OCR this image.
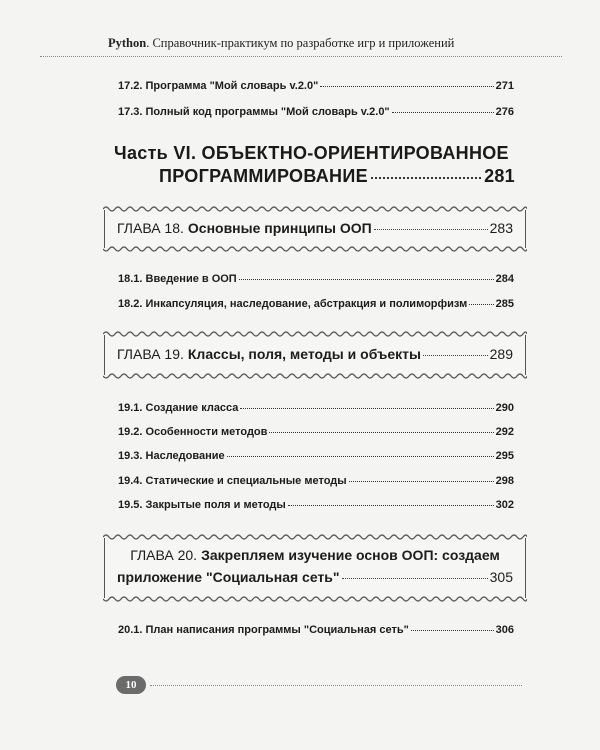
Python. Справочник-практикум по разработке игр и приложений
17.2. Программа "Мой словарь v.2.0"	271
17.3. Полный код программы "Мой словарь v.2.0"	276
Часть VI. ОБЪЕКТНО-ОРИЕНТИРОВАННОЕ
ПРОГРАММИРОВАНИЕ	281
ГЛАВА 18. Основные принципы ООП	283
18.1. Введение в ООП	284
18.2. Инкапсуляция, наследование, абстракция и полиморфизм	285
ГЛАВА 19. Классы, поля, методы и объекты	289
19.1. Создание класса	290
19.2. Особенности методов	292
19.3. Наследование	295
19.4. Статические и специальные методы	298
19.5. Закрытые поля и методы	302
ГЛАВА 20. Закрепляем изучение основ ООП: создаем
приложение "Социальная сеть"	305
20.1. План написания программы "Социальная сеть"	306
10
